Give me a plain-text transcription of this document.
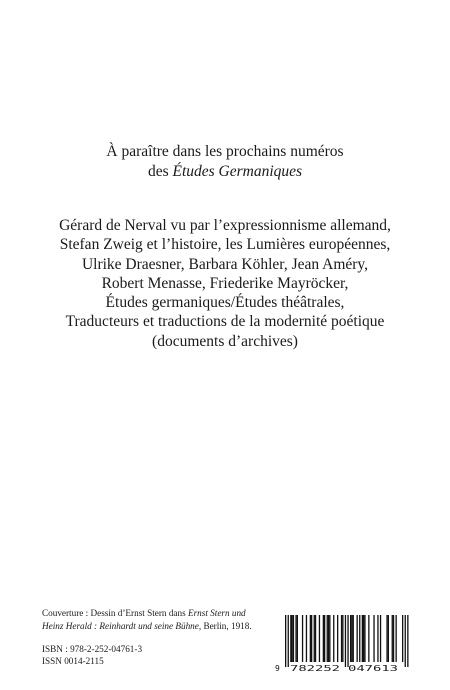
À paraître dans les prochains numéros
des Études Germaniques
Gérard de Nerval vu par l’expressionnisme allemand,
Stefan Zweig et l’histoire, les Lumières européennes,
Ulrike Draesner, Barbara Köhler, Jean Améry,
Robert Menasse, Friederike Mayröcker,
Études germaniques/Études théâtrales,
Traducteurs et traductions de la modernité poétique
(documents d’archives)
Couverture : Dessin d’Ernst Stern dans Ernst Stern und
Heinz Herald : Reinhardt und seine Bühne, Berlin, 1918.
ISBN : 978-2-252-04761-3
ISSN 0014-2115
9 782252 047613
